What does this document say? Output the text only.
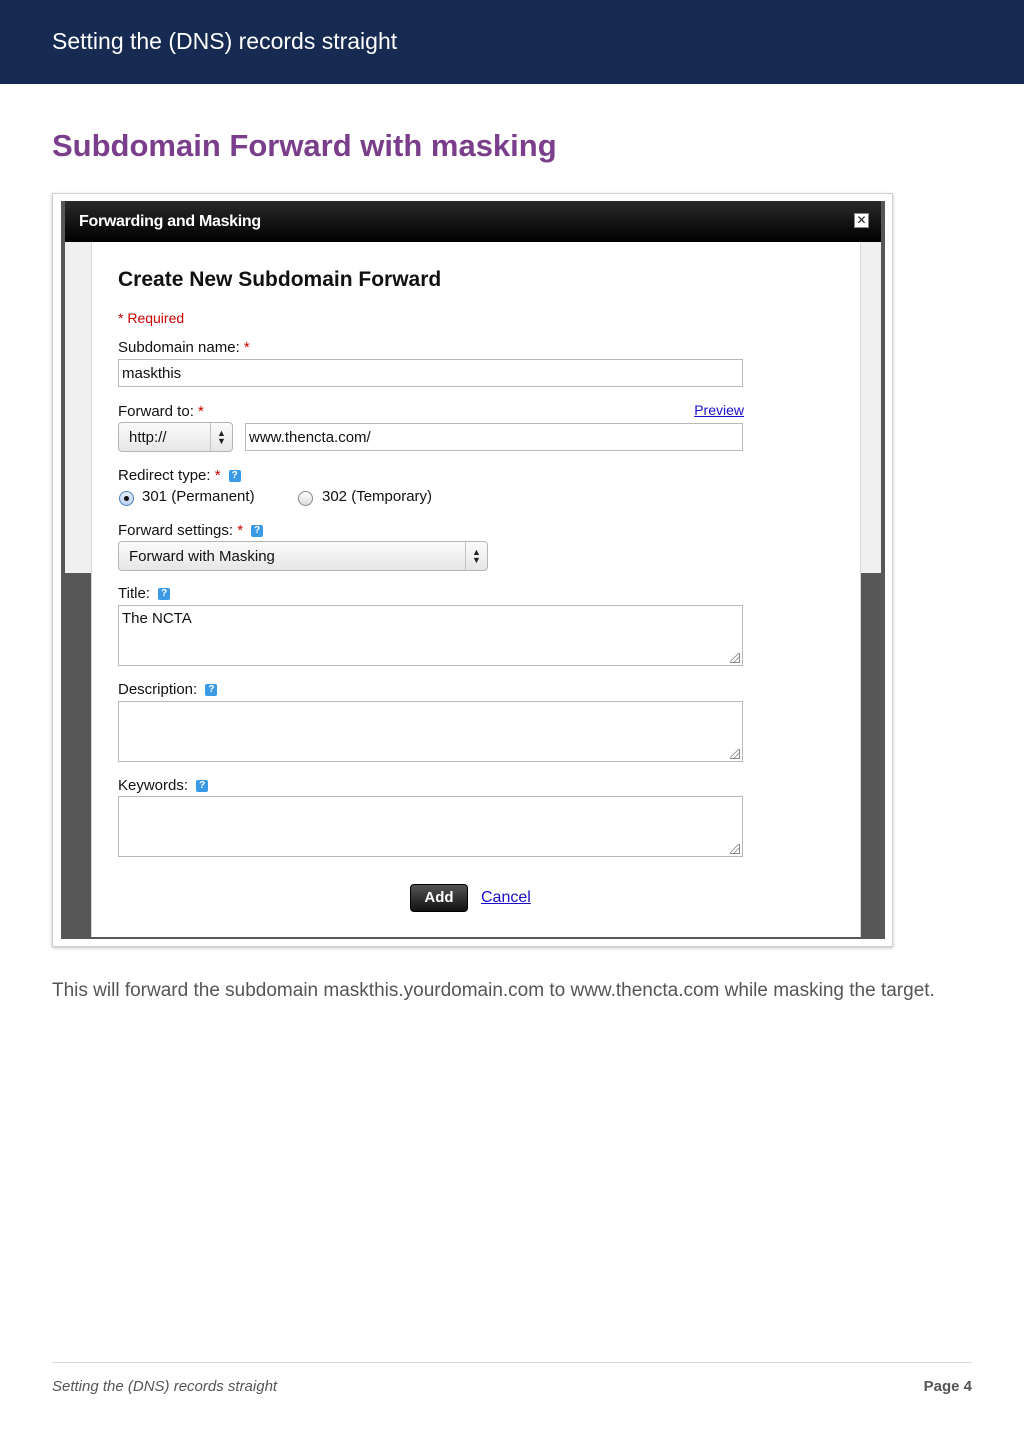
Setting the (DNS) records straight
Subdomain Forward with masking
Forwarding and Masking	✕
Create New Subdomain Forward
* Required
Subdomain name: *
maskthis
Forward to: *	Preview
http://	▲
▼	www.thencta.com/
Redirect type: * ?
301 (Permanent)	302 (Temporary)
Forward settings: * ?
Forward with Masking	▲
▼
Title: ?
The NCTA
Description: ?
Keywords: ?
Add	Cancel
This will forward the subdomain maskthis.yourdomain.com to www.thencta.com while masking the target.
Setting the (DNS) records straight	Page 4
